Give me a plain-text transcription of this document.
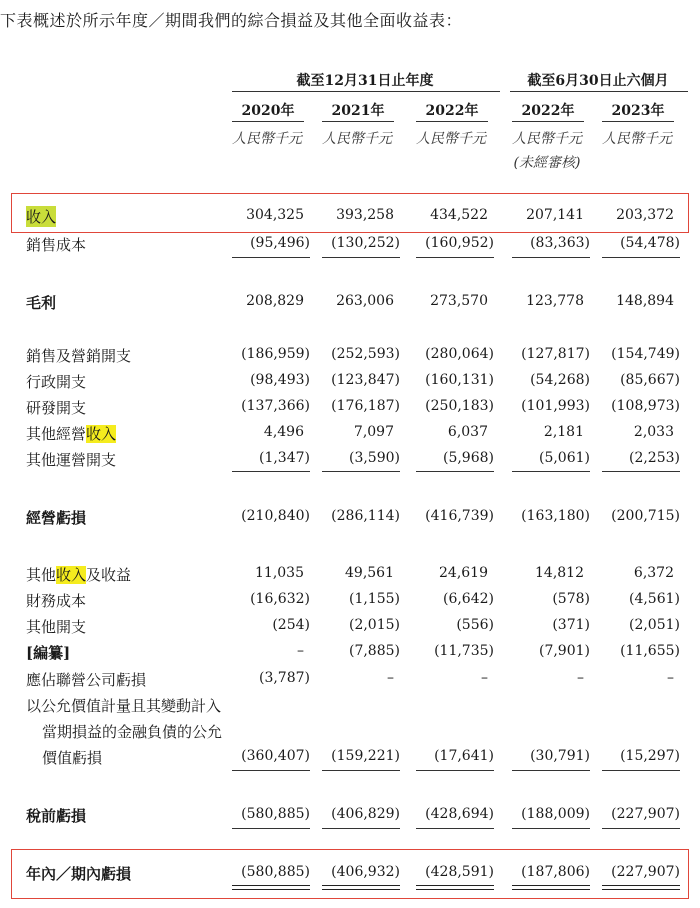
下表概述於所示年度／期間我們的綜合損益及其他全面收益表：
截至12月31日止年度	截至6月30日止六個月
2020年	2021年	2022年	2022年	2023年
人民幣千元	人民幣千元	人民幣千元	人民幣千元	人民幣千元
(未經審核)
收入	304,325 393,258	434,522	207,141 203,372
銷售成本	(95,496) (130,252) (160,952)	(83,363) (54,478)
毛利	208,829 263,006	273,570	123,778 148,894
銷售及營銷開支	(186,959) (252,593) (280,064) (127,817) (154,749)
行政開支	(98,493) (123,847) (160,131)	(54,268) (85,667)
研發開支	(137,366) (176,187) (250,183) (101,993) (108,973)
其他經營收入	4,496	7,097	6,037	2,181	2,033
其他運營開支	(1,347)	(3,590)	(5,968)	(5,061)	(2,253)
經營虧損	(210,840) (286,114) (416,739) (163,180) (200,715)
其他收入及收益	11,035	49,561	24,619	14,812	6,372
財務成本	(16,632)	(1,155)	(6,642)	(578)	(4,561)
其他開支	(254)	(2,015)	(556)	(371)	(2,051)
[編纂]	–	(7,885) (11,735)	(7,901) (11,655)
應佔聯營公司虧損	(3,787)	–	–	–	–
以公允價值計量且其變動計入
當期損益的金融負債的公允
價值虧損	(360,407) (159,221) (17,641)	(30,791) (15,297)
稅前虧損	(580,885) (406,829) (428,694) (188,009) (227,907)
年內／期內虧損	(580,885) (406,932) (428,591) (187,806) (227,907)
